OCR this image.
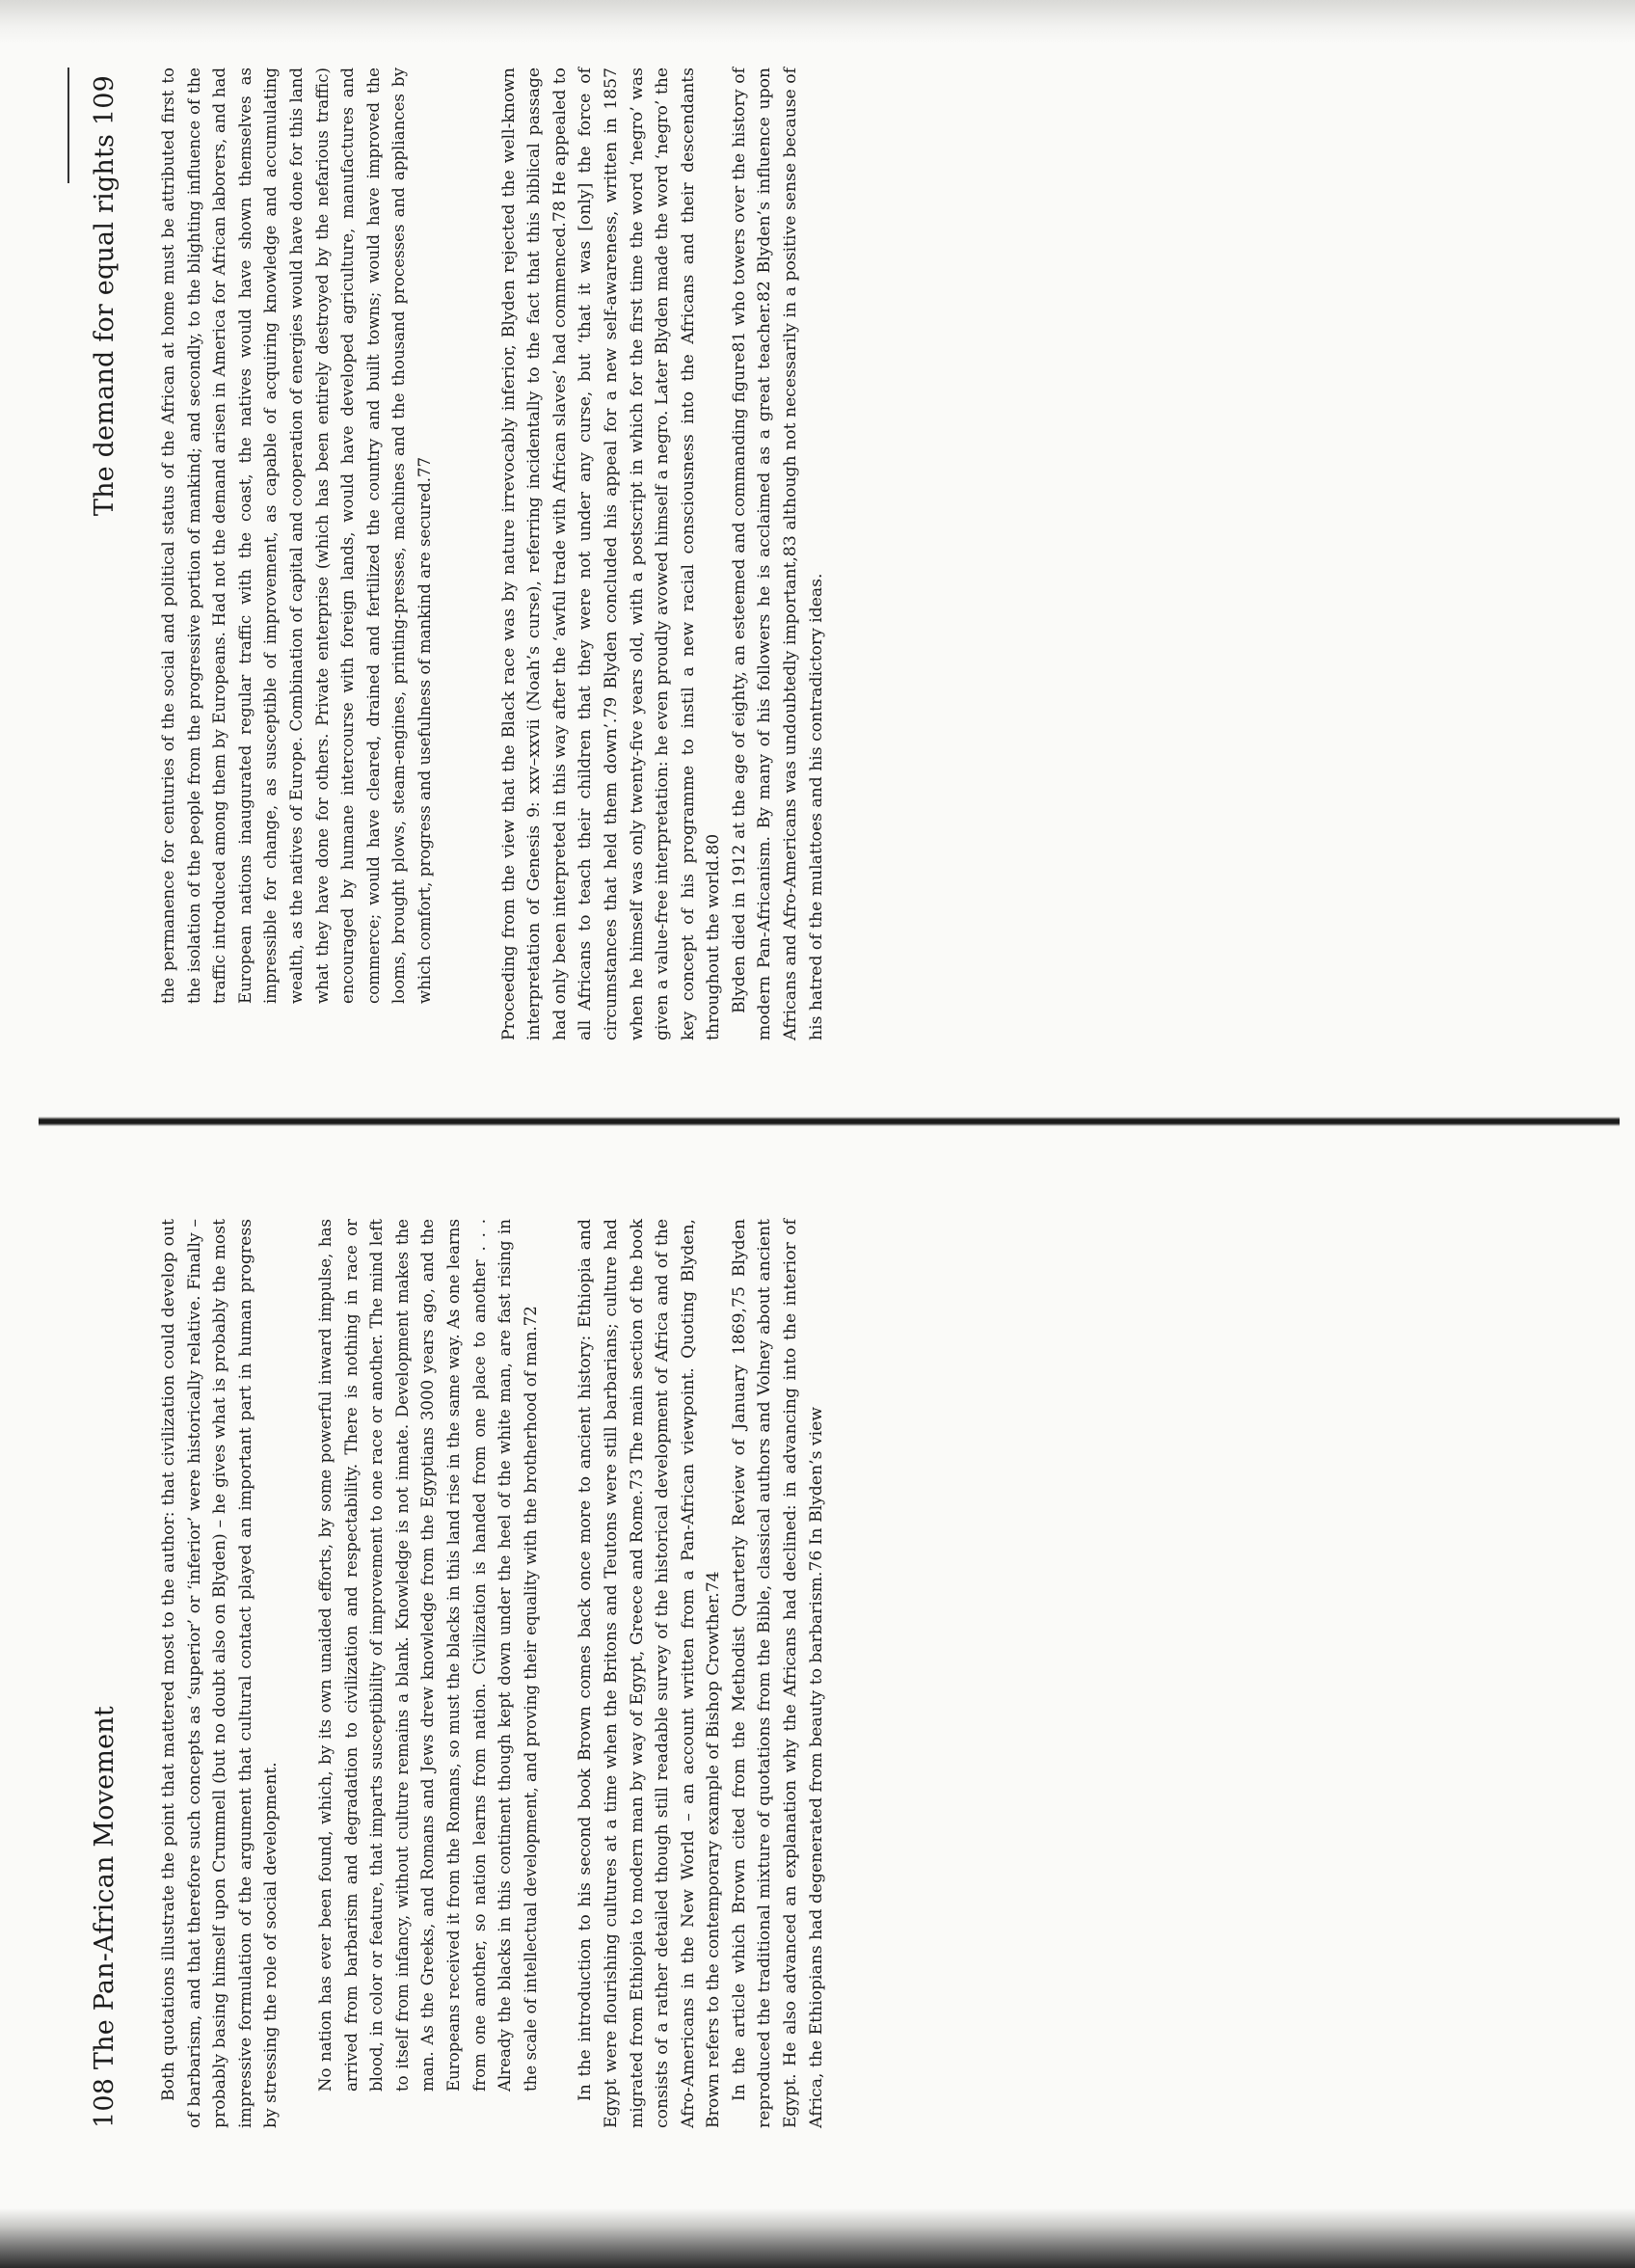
108 The Pan-African Movement Both quotations illustrate the point that mattered most to the author: that civilization could develop out of barbarism, and that therefore such concepts as ‘superior’ or ‘inferior’ were historically relative. Finally – probably basing himself upon Crummell (but no doubt also on Blyden) – he gives what is probably the most impressive formulation of the argument that cultural contact played an important part in human progress by stressing the role of social development. No nation has ever been found, which, by its own unaided efforts, by some powerful inward impulse, has arrived from barbarism and degradation to civilization and respectability. There is nothing in race or blood, in color or feature, that imparts susceptibility of improvement to one race or another. The mind left to itself from infancy, without culture remains a blank. Knowledge is not innate. Development makes the man. As the Greeks, and Romans and Jews drew knowledge from the Egyptians 3000 years ago, and the Europeans received it from the Romans, so must the blacks in this land rise in the same way. As one learns from one another, so nation learns from nation. Civilization is handed from one place to another . . . Already the blacks in this continent though kept down under the heel of the white man, are fast rising in the scale of intellectual development, and proving their equality with the brotherhood of man.72 In the introduction to his second book Brown comes back once more to ancient history: Ethiopia and Egypt were flourishing cultures at a time when the Britons and Teutons were still barbarians; culture had migrated from Ethiopia to modern man by way of Egypt, Greece and Rome.73 The main section of the book consists of a rather detailed though still readable survey of the historical development of Africa and of the Afro-Americans in the New World – an account written from a Pan-African viewpoint. Quoting Blyden, Brown refers to the contemporary example of Bishop Crowther.74 In the article which Brown cited from the Methodist Quarterly Review of January 1869,75 Blyden reproduced the traditional mixture of quotations from the Bible, classical authors and Volney about ancient Egypt. He also advanced an explanation why the Africans had declined: in advancing into the interior of Africa, the Ethiopians had degenerated from beauty to barbarism.76 In Blyden’s view

The demand for equal rights 109 the permanence for centuries of the social and political status of the African at home must be attributed first to the isolation of the people from the progressive portion of mankind; and secondly, to the blighting influence of the traffic introduced among them by Europeans. Had not the demand arisen in America for African laborers, and had European nations inaugurated regular traffic with the coast, the natives would have shown themselves as impressible for change, as susceptible of improvement, as capable of acquiring knowledge and accumulating wealth, as the natives of Europe. Combination of capital and cooperation of energies would have done for this land what they have done for others. Private enterprise (which has been entirely destroyed by the nefarious traffic) encouraged by humane intercourse with foreign lands, would have developed agriculture, manufactures and commerce; would have cleared, drained and fertilized the country and built towns; would have improved the looms, brought plows, steam-engines, printing-presses, machines and the thousand processes and appliances by which comfort, progress and usefulness of mankind are secured.77	Proceeding from the view that the Black race was by nature irrevocably inferior, Blyden rejected the well-known interpretation of Genesis 9: xxv–xxvii (Noah’s curse), referring incidentally to the fact that this biblical passage had only been interpreted in this way after the ‘awful trade with African slaves’ had commenced.78 He appealed to all Africans to teach their children that they were not under any curse, but ‘that it was [only] the force of circumstances that held them down’.79 Blyden concluded his appeal for a new self-awareness, written in 1857 when he himself was only twenty-five years old, with a postscript in which for the first time the word ‘negro’ was given a value-free interpretation: he even proudly avowed himself a negro. Later Blyden made the word ‘negro’ the key concept of his programme to instil a new racial consciousness into the Africans and their descendants throughout the world.80 Blyden died in 1912 at the age of eighty, an esteemed and commanding figure81 who towers over the history of modern Pan-Africanism. By many of his followers he is acclaimed as a great teacher.82 Blyden’s influence upon Africans and Afro-Americans was undoubtedly important,83 although not necessarily in a positive sense because of his hatred of the mulattoes and his contradictory ideas.
